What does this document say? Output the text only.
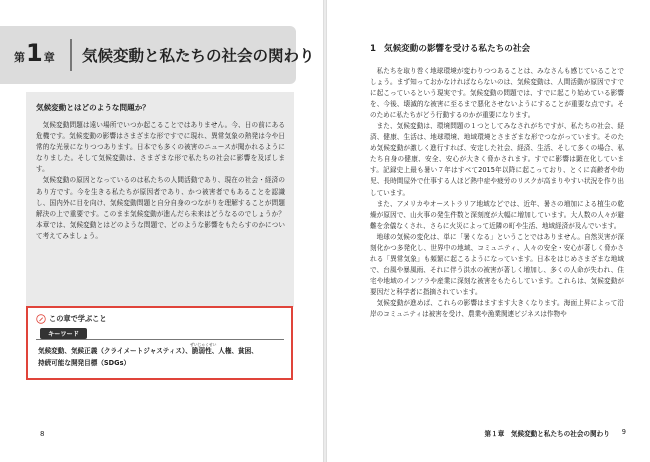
第 1 章 気候変動と私たちの社会の関わり
気候変動とはどのような問題か？

気候変動問題は遠い場所でいつか起こることではありません。今、日の前にある危機です。気候変動の影響はさまざまな形ですでに現れ、異常気象の熱発は今や日常的な光景になりつつあります。日本でも多くの被害のニュースが聞かれるようになりました。そして気候変動は、さまざまな形で私たちの社会に影響を及ぼします。

気候変動の原因となっているのは私たちの人間活動であり、現在の社会・経済のあり方です。今を生きる私たちが原因者であり、かつ被害者でもあることを認識し、国内外に目を向け、気候変動問題と自分自身のつながりを理解することが問題解決の上で重要です。このまま気候変動が進んだら未来はどうなるのでしょうか？　本章では、気候変動とはどのような問題で、どのような影響をもたらすのかについて考えてみましょう。

この章で学ぶこと
キーワード
気候変動、気候正義（クライメートジャスティス）、
ぜいじゃくせい
脆弱性、人権、貧困、
持続可能な開発目標（SDGs）
8
1 気候変動の影響を受ける私たちの社会

私たちを取り巻く地球環境が変わりつつあることは、みなさんも感じていることでしょう。まず知っておかなければならないのは、気候変動は、人間活動が原因ですでに起こっているという現実です。気候変動の問題では、すでに起こり始めている影響を、今後、壊滅的な被害に至るまで悪化させないようにすることが重要な点です。そのために私たちがどう行動するのかが重要になります。

また、気候変動は、環境問題の１つとしてみなされがちですが、私たちの社会、経済、健康、生活は、地球環境、地域環境とさまざまな形でつながっています。そのため気候変動が激しく進行すれば、安定した社会、経済、生活、そして多くの場合、私たち自身の健康、安全、安心が大きく脅かされます。すでに影響は顕在化しています。記録史上最も暑い７年はすべて2015年以降に起こっており、とくに高齢者や幼児、長時間屋外で仕事する人ほど熱中症や疲労のリスクが高まりやすい状況を作り出しています。

また、アメリカやオーストラリア地域などでは、近年、暑さの増加による植生の乾燥が原因で、山火事の発生件数と深刻度が大幅に増加しています。大人数の人々が避難を余儀なくされ、さらに火災によって近隣の町や生活、地域経済が及んでいます。

地球の気候の変化は、単に「暑くなる」ということではありません。自然災害が深刻化かつ多発化し、世界中の地域、コミュニティ、人々の安全・安心が著しく脅かされる「異常気象」も頻繁に起こるようになっています。日本をはじめさまざまな地域で、台風や暴風雨、それに伴う洪水の被害が著しく増加し、多くの人命が失われ、住宅や地域のインフラや産業に深刻な被害をもたらしています。これらは、気候変動が要因だと科学者に指摘されています。

気候変動が進めば、これらの影響はますます大きくなります。海面上昇によって沿岸のコミュニティは被害を受け、農業や漁業関連ビジネスは作物や

第１章　気候変動と私たちの社会の関わり 9
